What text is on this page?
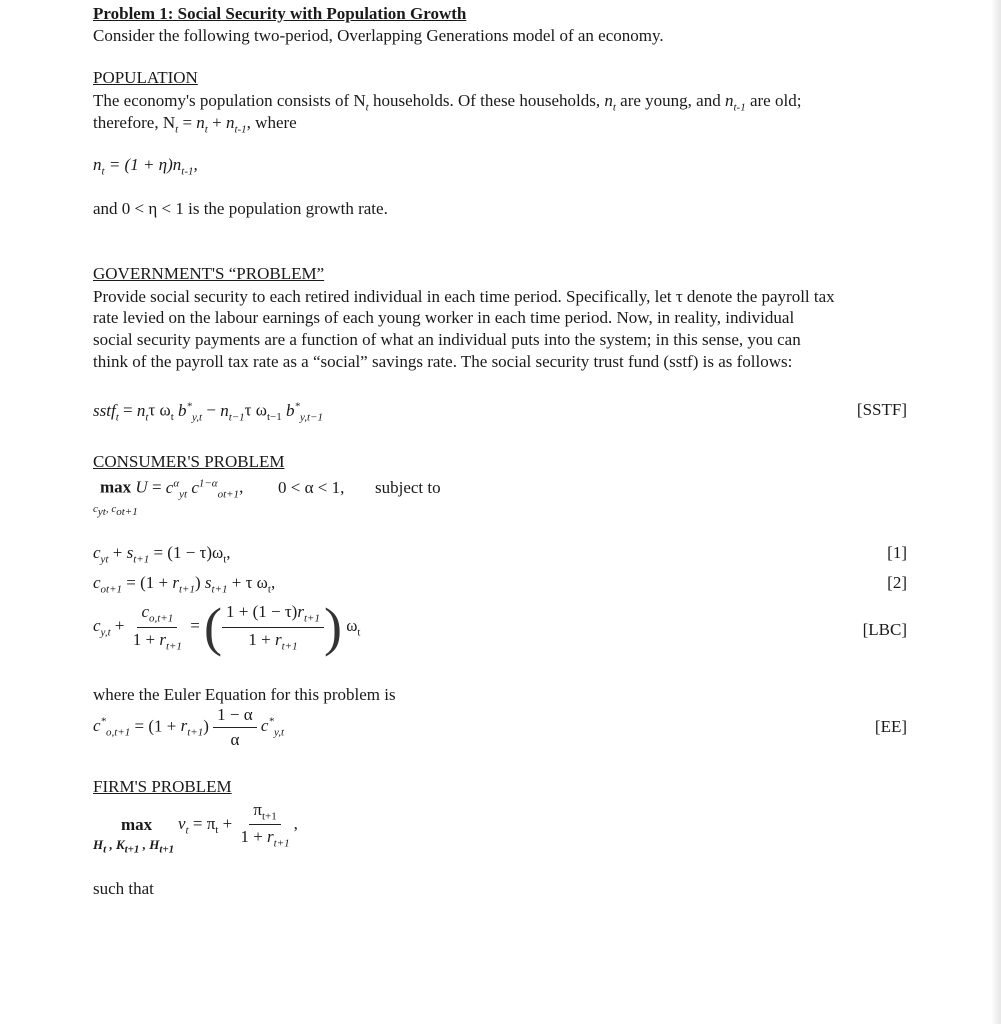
Problem 1: Social Security with Population Growth
Consider the following two-period, Overlapping Generations model of an economy.
POPULATION
The economy's population consists of $N_t$ households. Of these households, $n_t$ are young, and $n_{t-1}$ are old;
therefore, $N_t = n_t + n_{t-1}$, where
$n_t = (1 + \eta)n_{t-1}$,
and 0 < η < 1 is the population growth rate.
GOVERNMENT'S “PROBLEM”
Provide social security to each retired individual in each time period. Specifically, let τ denote the payroll tax
rate levied on the labour earnings of each young worker in each time period. Now, in reality, individual
social security payments are a function of what an individual puts into the system; in this sense, you can
think of the payroll tax rate as a “social” savings rate. The social security trust fund (sstf) is as follows:
sstf$_t$ = $n_t\tau$ $\omega_t$ $b^*_{y,t} - n_{t-1}\tau$ $\omega_{t-1}$ $b^*_{y,t-1}$	[SSTF]
CONSUMER'S PROBLEM
$\max U = c^\alpha_{yt}$ $c^{1-\alpha}_{ot+1}$,
$c_{yt}$, $c_{ot+1}$
0 < α < 1, subject to
$c_{yt} + s_{t+1} = (1 - \tau)\omega_t$,	[1]
$c_{ot+1} = (1 + r_{t+1}) s_{t+1} + \tau$ $\omega_t$,	[2]
$c_{y,t} + \frac{c_{o,t+1}}{1 + r_{t+1}}$ = ( $\frac{1 + (1 - \tau)r_{t+1}}{1 + r_{t+1}}$ ) $\omega_t$	[LBC]
where the Euler Equation for this problem is
$c^*_{o,t+1} = (1 + r_{t+1}) \frac{1 - \alpha}{\alpha} c^*_{y,t}$	[EE]
FIRM'S PROBLEM
max
$H_t$ , $K_{t+1}$ , $H_{t+1}$
$v_t = \pi_t + \frac{\pi_{t+1}}{1 + r_{t+1}}$ ,
such that
